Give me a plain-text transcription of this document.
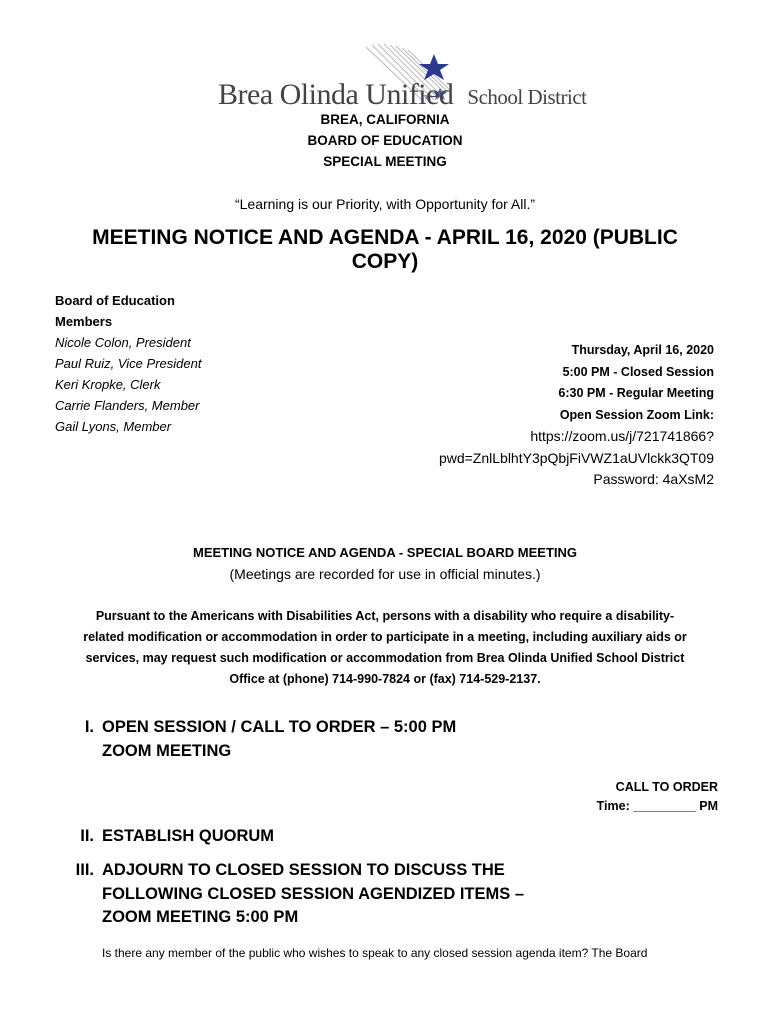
Brea Olinda Unified School District
BREA, CALIFORNIA
BOARD OF EDUCATION
SPECIAL MEETING
“Learning is our Priority, with Opportunity for All.”
MEETING NOTICE AND AGENDA - APRIL 16, 2020 (PUBLIC
COPY)
Board of Education
Members
Nicole Colon, President
Paul Ruiz, Vice President
Keri Kropke, Clerk
Carrie Flanders, Member
Gail Lyons, Member
Thursday, April 16, 2020
5:00 PM - Closed Session
6:30 PM - Regular Meeting
Open Session Zoom Link:
https://zoom.us/j/721741866?
pwd=ZnlLblhtY3pQbjFiVWZ1aUVlckk3QT09
Password: 4aXsM2
MEETING NOTICE AND AGENDA - SPECIAL BOARD MEETING
(Meetings are recorded for use in official minutes.)
Pursuant to the Americans with Disabilities Act, persons with a disability who require a disability-
related modification or accommodation in order to participate in a meeting, including auxiliary aids or
services, may request such modification or accommodation from Brea Olinda Unified School District
Office at (phone) 714-990-7824 or (fax) 714-529-2137.
I. OPEN SESSION / CALL TO ORDER – 5:00 PM
ZOOM MEETING
CALL TO ORDER
Time: _________ PM
II. ESTABLISH QUORUM
III. ADJOURN TO CLOSED SESSION TO DISCUSS THE
FOLLOWING CLOSED SESSION AGENDIZED ITEMS –
ZOOM MEETING 5:00 PM
Is there any member of the public who wishes to speak to any closed session agenda item? The Board
